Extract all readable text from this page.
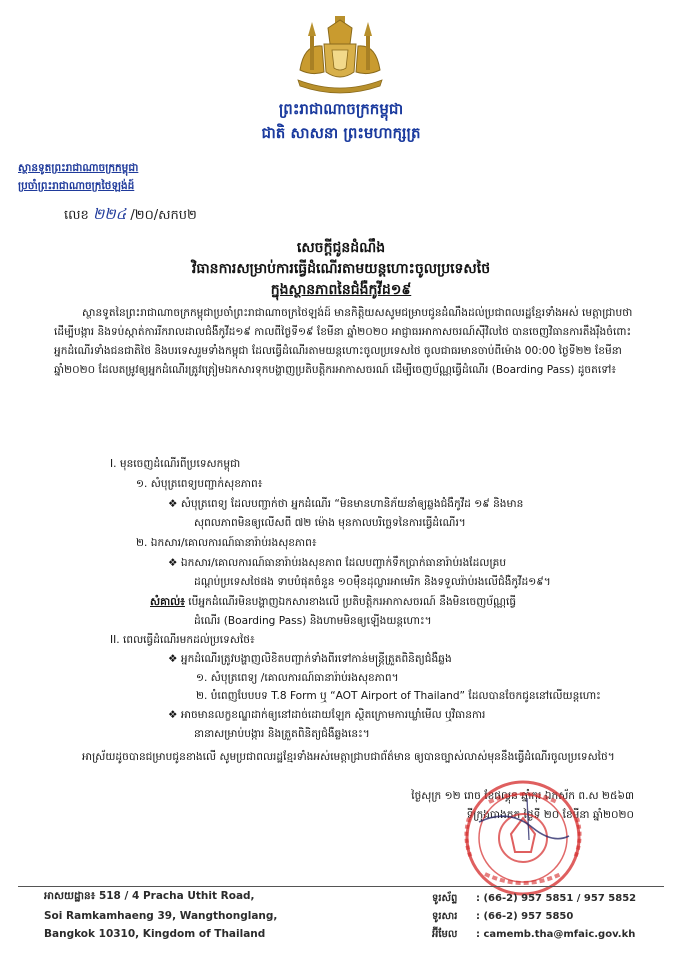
ព្រះរាជាណាចក្រកម្ពុជា
ជាតិ សាសនា ព្រះមហាក្សត្រ
ស្ថានទូតព្រះរាជាណាចក្រកម្ពុជា
ប្រចាំព្រះរាជាណាចក្រថៃឡង់ដ៍
លេខ ២២៤ /២០/សកប២
សេចក្តីជូនដំណឹង
វិធានការសម្រាប់ការធ្វើដំណើរតាមយន្តហោះចូលប្រទេសថៃ
ក្នុងស្ថានភាពនៃជំងឺកូវីដ១៩
ស្ថានទូតនៃព្រះរាជាណាចក្រកម្ពុជាប្រចាំព្រះរាជាណាចក្រថៃឡង់ដ៍ មានកិត្តិយសសូមជម្រាបជូនដំណឹងដល់ប្រជាពលរដ្ឋខ្មែរទាំងអស់ មេត្តាជ្រាបថា ដើម្បីបង្ការ និងទប់ស្កាត់ការរីករាលដាលជំងឺកូវីដ១៩ កាលពីថ្ងៃទី១៩ ខែមីនា ឆ្នាំ២០២០ អាជ្ញាធរអាកាសចរណ៍ស៊ីវិលថៃ បានចេញវិធានការតឹងរ៉ឹងចំពោះអ្នកដំណើរទាំងជនជាតិថៃ និងបរទេសរួមទាំងកម្ពុជា ដែលធ្វើដំណើរតាមយន្តហោះចូលប្រទេសថៃ ចូលជាធរមានចាប់ពីម៉ោង 00:00 ថ្ងៃទី២២ ខែមីនា ឆ្នាំ២០២០ ដែលតម្រូវឲ្យអ្នកដំណើរត្រូវត្រៀមឯកសារទុកបង្ហាញប្រតិបត្តិករអាកាសចរណ៍ ដើម្បីចេញប័ណ្ណធ្វើដំណើរ (Boarding Pass) ដូចតទៅ៖
I. មុនចេញដំណើរពីប្រទេសកម្ពុជា
១. សំបុត្រពេទ្យបញ្ជាក់សុខភាព៖
❖ សំបុត្រពេទ្យ ដែលបញ្ជាក់ថា អ្នកដំណើរ “មិនមានហានិភ័យនាំឲ្យឆ្លងជំងឺកូវីដ ១៩ និងមាន
សុពលភាពមិនឲ្យលើសពី ៧២ ម៉ោង មុនកាលបរិច្ឆេទនៃការធ្វើដំណើរ។
២. ឯកសារ/គោលការណ៍ធានារ៉ាប់រងសុខភាព៖
❖ ឯកសារ/គោលការណ៍ធានារ៉ាប់រងសុខភាព ដែលបញ្ជាក់ទឹកប្រាក់ធានារ៉ាប់រងដែលគ្រប
ដណ្តប់ប្រទេសថៃផង ទាបបំផុតចំនួន ១០ម៉ឺនដុល្លារអាមេរិក និងទទួលរ៉ាប់រងលើជំងឺកូវីដ១៩។
សំគាល់៖ បើអ្នកដំណើរមិនបង្ហាញឯកសារខាងលើ ប្រតិបត្តិករអាកាសចរណ៍ នឹងមិនចេញប័ណ្ណធ្វើ
ដំណើរ (Boarding Pass) និងហាមមិនឲ្យឡើងយន្តហោះ។
II. ពេលធ្វើដំណើរមកដល់ប្រទេសថៃ៖
❖ អ្នកដំណើរត្រូវបង្ហាញលិខិតបញ្ជាក់ទាំងពីរទៅកាន់មន្ត្រីត្រួតពិនិត្យជំងឺឆ្លង
១. សំបុត្រពេទ្យ /គោលការណ៍ធានារ៉ាប់រងសុខភាព។
២. បំពេញបែបបទ T.8 Form ឬ “AOT Airport of Thailand” ដែលបានចែកជូននៅលើយន្តហោះ
❖ អាចមានលក្ខខណ្ឌដាក់ឲ្យនៅដាច់ដោយឡែក ស្ថិតក្រោមការឃ្លាំមើល ឬវិធានការ
នានាសម្រាប់បង្ការ និងត្រួតពិនិត្យជំងឺឆ្លងនេះ។
អាស្រ័យដូចបានជម្រាបជូនខាងលើ សូមប្រជាពលរដ្ឋខ្មែរទាំងអស់មេត្តាជ្រាបជាព័ត៌មាន ឲ្យបានច្បាស់លាស់មុននឹងធ្វើដំណើរចូលប្រទេសថៃ។
ថ្ងៃសុក្រ ១២ រោច ខែផល្គុន ឆ្នាំកុរ ឯកស័ក ព.ស ២៥៦៣
ទីក្រុងបាងកក ថ្ងៃទី ២០ ខែមីនា ឆ្នាំ២០២០
អាសយដ្ឋាន៖ 518 / 4 Pracha Uthit Road,
Soi Ramkamhaeng 39, Wangthonglang,
Bangkok 10310, Kingdom of Thailand
ទូរស័ព្ទ : (66-2) 957 5851 / 957 5852
ទូរសារ : (66-2) 957 5850
អ៊ីមែល : camemb.tha@mfaic.gov.kh
